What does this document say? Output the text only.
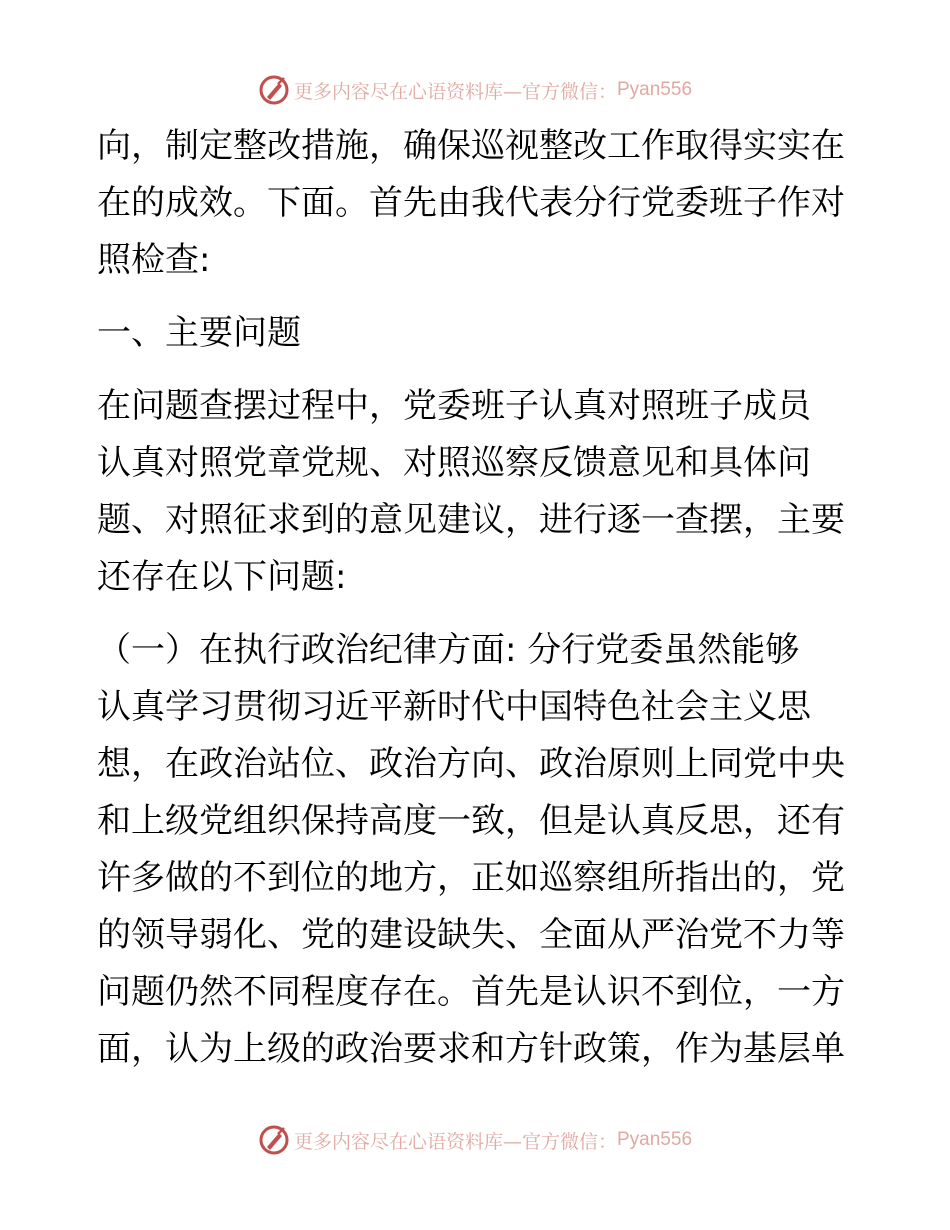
更多内容尽在心语资料库—官方微信： Pyan556
向，制定整改措施，确保巡视整改工作取得实实在
在的成效。下面。首先由我代表分行党委班子作对
照检查:
一、主要问题
在问题查摆过程中，党委班子认真对照班子成员
认真对照党章党规、对照巡察反馈意见和具体问
题、对照征求到的意见建议，进行逐一查摆，主要
还存在以下问题:
（一）在执行政治纪律方面: 分行党委虽然能够
认真学习贯彻习近平新时代中国特色社会主义思
想，在政治站位、政治方向、政治原则上同党中央
和上级党组织保持高度一致，但是认真反思，还有
许多做的不到位的地方，正如巡察组所指出的，党
的领导弱化、党的建设缺失、全面从严治党不力等
问题仍然不同程度存在。首先是认识不到位，一方
面，认为上级的政治要求和方针政策，作为基层单
更多内容尽在心语资料库—官方微信： Pyan556
